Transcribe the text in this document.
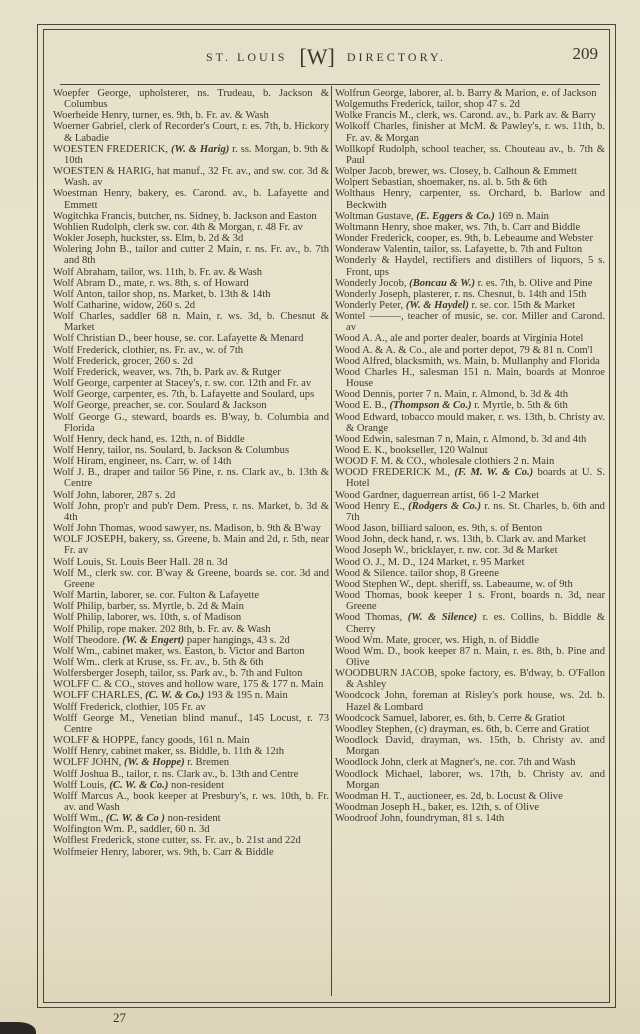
ST. LOUIS [W] DIRECTORY.	209
Woepfer George, upholsterer, ns. Trudeau, b. Jackson & Columbus
Woerheide Henry, turner, es. 9th, b. Fr. av. & Wash
Woerner Gabriel, clerk of Recorder's Court, r. es. 7th, b. Hickory & Labadie
WOESTEN FREDERICK, (W. & Harig) r. ss. Morgan, b. 9th & 10th
WOESTEN & HARIG, hat manuf., 32 Fr. av., and sw. cor. 3d & Wash. av
Woestman Henry, bakery, es. Carond. av., b. Lafayette and Emmett
Wogitchka Francis, butcher, ns. Sidney, b. Jackson and Easton
Wohlien Rudolph, clerk sw. cor. 4th & Morgan, r. 48 Fr. av
Wokler Joseph, huckster, ss. Elm, b. 2d & 3d
Wolering John B., tailor and cutter 2 Main, r. ns. Fr. av., b. 7th and 8th
Wolf Abraham, tailor, ws. 11th, b. Fr. av. & Wash
Wolf Abram D., mate, r. ws. 8th, s. of Howard
Wolf Anton, tailor shop, ns. Market, b. 13th & 14th
Wolf Catharine, widow, 260 s. 2d
Wolf Charles, saddler 68 n. Main, r. ws. 3d, b. Chesnut & Market
Wolf Christian D., beer house, se. cor. Lafayette & Menard
Wolf Frederick, clothier, ns. Fr. av., w. of 7th
Wolf Frederick, grocer, 260 s. 2d
Wolf Frederick, weaver, ws. 7th, b. Park av. & Rutger
Wolf George, carpenter at Stacey's, r. sw. cor. 12th and Fr. av
Wolf George, carpenter, es. 7th, b. Lafayette and Soulard, ups
Wolf George, preacher, se. cor. Soulard & Jackson
Wolf George G., steward, boards es. B'way, b. Columbia and Florida
Wolf Henry, deck hand, es. 12th, n. of Biddle
Wolf Henry, tailor, ns. Soulard, b. Jackson & Columbus
Wolf Hiram, engineer, ns. Carr, w. of 14th
Wolf J. B., draper and tailor 56 Pine, r. ns. Clark av., b. 13th & Centre
Wolf John, laborer, 287 s. 2d
Wolf John, prop'r and pub'r Dem. Press, r. ns. Market, b. 3d & 4th
Wolf John Thomas, wood sawyer, ns. Madison, b. 9th & B'way
WOLF JOSEPH, bakery, ss. Greene, b. Main and 2d, r. 5th, near Fr. av
Wolf Louis, St. Louis Beer Hall. 28 n. 3d
Wolf M., clerk sw. cor. B'way & Greene, boards se. cor. 3d and Greene
Wolf Martin, laborer, se. cor. Fulton & Lafayette
Wolf Philip, barber, ss. Myrtle, b. 2d & Main
Wolf Philip, laborer, ws. 10th, s. of Madison
Wolf Philip, rope maker. 202 8th, b. Fr. av. & Wash
Wolf Theodore. (W. & Engert) paper hangings, 43 s. 2d
Wolf Wm., cabinet maker, ws. Easton, b. Victor and Barton
Wolf Wm.. clerk at Kruse, ss. Fr. av., b. 5th & 6th
Wolfersberger Joseph, tailor, ss. Park av., b. 7th and Fulton
WOLFF C. & CO., stoves and hollow ware, 175 & 177 n. Main
WOLFF CHARLES, (C. W. & Co.) 193 & 195 n. Main
Wolff Frederick, clothier, 105 Fr. av
Wolff George M., Venetian blind manuf., 145 Locust, r. 73 Centre
WOLFF & HOPPE, fancy goods, 161 n. Main
Wolff Henry, cabinet maker, ss. Biddle, b. 11th & 12th
WOLFF JOHN, (W. & Hoppe) r. Bremen
Wolff Joshua B., tailor, r. ns. Clark av., b. 13th and Centre
Wolff Louis, (C. W. & Co.) non-resident
Wolff Marcus A., book keeper at Presbury's, r. ws. 10th, b. Fr. av. and Wash
Wolff Wm., (C. W. & Co ) non-resident
Wolfington Wm. P., saddler, 60 n. 3d
Wolflest Frederick, stone cutter, ss. Fr. av., b. 21st and 22d
Wolfmeier Henry, laborer, ws. 9th, b. Carr & Biddle
Wolfrun George, laborer, al. b. Barry & Marion, e. of Jackson
Wolgemuths Frederick, tailor, shop 47 s. 2d
Wolke Francis M., clerk, ws. Carond. av., b. Park av. & Barry
Wolkoff Charles, finisher at McM. & Pawley's, r. ws. 11th, b. Fr. av. & Morgan
Wollkopf Rudolph, school teacher, ss. Chouteau av., b. 7th & Paul
Wolper Jacob, brewer, ws. Closey, b. Calhoun & Emmett
Wolpert Sebastian, shoemaker, ns. al. b. 5th & 6th
Wolthaus Henry, carpenter, ss. Orchard, b. Barlow and Beckwith
Woltman Gustave, (E. Eggers & Co.) 169 n. Main
Woltmann Henry, shoe maker, ws. 7th, b. Carr and Biddle
Wonder Frederick, cooper, es. 9th, b. Lebeaume and Webster
Wonderaw Valentin, tailor, ss. Lafayette, b. 7th and Fulton
Wonderly & Haydel, rectifiers and distillers of liquors, 5 s. Front, ups
Wonderly Jocob, (Boncau & W.) r. es. 7th, b. Olive and Pine
Wonderly Joseph, plasterer, r. ns. Chesnut, b. 14th and 15th
Wonderly Peter, (W. & Haydel) r. se. cor. 15th & Market
Wontel ———, teacher of music, se. cor. Miller and Carond. av
Wood A. A., ale and porter dealer, boards at Virginia Hotel
Wood A. & A. & Co., ale and porter depot, 79 & 81 n. Com'l
Wood Alfred, blacksmith, ws. Main, b. Mullanphy and Florida
Wood Charles H., salesman 151 n. Main, boards at Monroe House
Wood Dennis, porter 7 n. Main, r. Almond, b. 3d & 4th
Wood E. B., (Thompson & Co.) r. Myrtle, b. 5th & 6th
Wood Edward, tobacco mould maker, r. ws. 13th, b. Christy av. & Orange
Wood Edwin, salesman 7 n, Main, r. Almond, b. 3d and 4th
Wood E. K., bookseller, 120 Walnut
WOOD F. M. & CO., wholesale clothiers 2 n. Main
WOOD FREDERICK M., (F. M. W. & Co.) boards at U. S. Hotel
Wood Gardner, daguerrean artist, 66 1-2 Market
Wood Henry E., (Rodgers & Co.) r. ns. St. Charles, b. 6th and 7th
Wood Jason, billiard saloon, es. 9th, s. of Benton
Wood John, deck hand, r. ws. 13th, b. Clark av. and Market
Wood Joseph W., bricklayer, r. nw. cor. 3d & Market
Wood O. J., M. D., 124 Market, r. 95 Market
Wood & Silence. tailor shop, 8 Greene
Wood Stephen W., dept. sheriff, ss. Labeaume, w. of 9th
Wood Thomas, book keeper 1 s. Front, boards n. 3d, near Greene
Wood Thomas, (W. & Silence) r. es. Collins, b. Biddle & Cherry
Wood Wm. Mate, grocer, ws. High, n. of Biddle
Wood Wm. D., book keeper 87 n. Main, r. es. 8th, b. Pine and Olive
WOODBURN JACOB, spoke factory, es. B'dway, b. O'Fallon & Ashley
Woodcock John, foreman at Risley's pork house, ws. 2d. b. Hazel & Lombard
Woodcock Samuel, laborer, es. 6th, b. Cerre & Gratiot
Woodley Stephen, (c) drayman, es. 6th, b. Cerre and Gratiot
Woodlock David, drayman, ws. 15th, b. Christy av. and Morgan
Woodlock John, clerk at Magner's, ne. cor. 7th and Wash
Woodlock Michael, laborer, ws. 17th, b. Christy av. and Morgan
Woodman H. T., auctioneer, es. 2d, b. Locust & Olive
Woodman Joseph H., baker, es. 12th, s. of Olive
Woodroof John, foundryman, 81 s. 14th
27
